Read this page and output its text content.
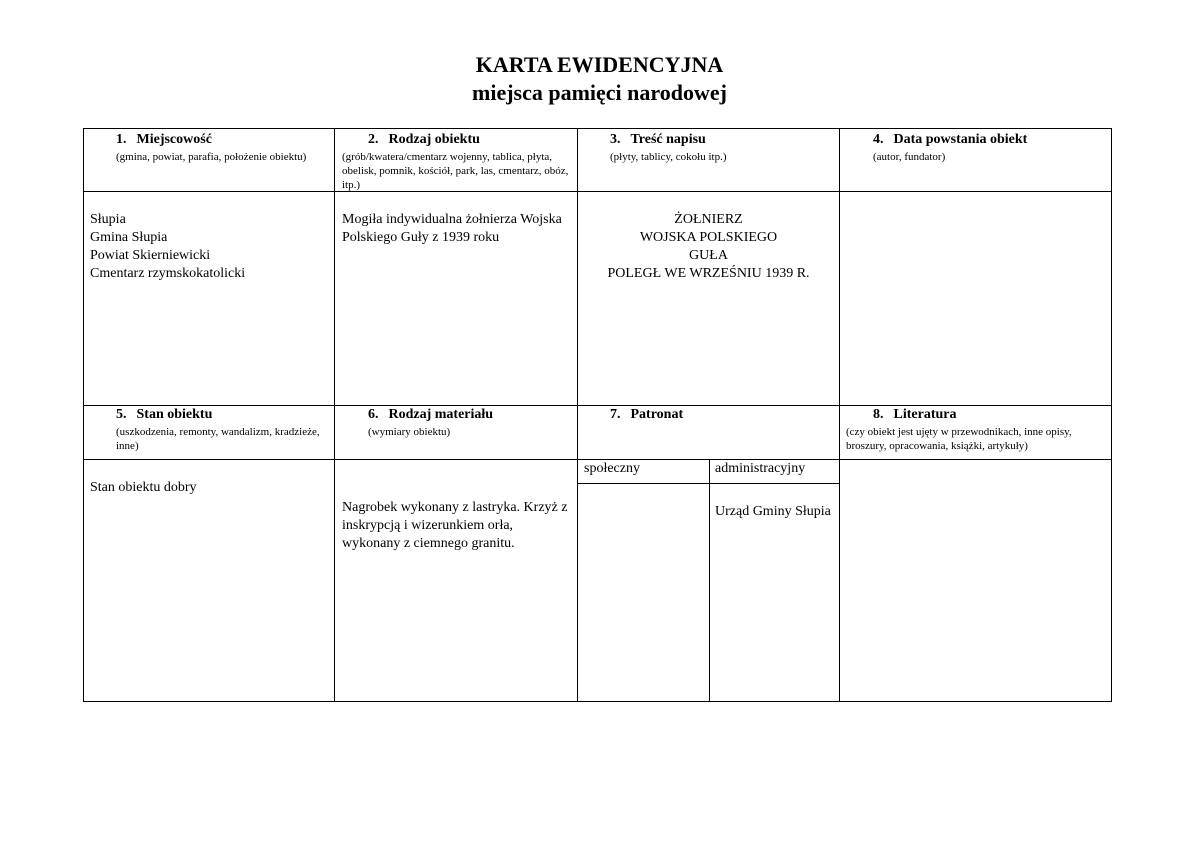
KARTA EWIDENCYJNA
miejsca pamięci narodowej
1. Miejscowość
(gmina, powiat, parafia, położenie obiektu)
2. Rodzaj obiektu
(grób/kwatera/cmentarz wojenny, tablica, płyta, obelisk, pomnik, kościół, park, las, cmentarz, obóz, itp.)
3. Treść napisu
(płyty, tablicy, cokołu itp.)
4. Data powstania obiekt
(autor, fundator)
Słupia
Gmina Słupia
Powiat Skierniewicki
Cmentarz rzymskokatolicki
Mogiła indywidualna żołnierza Wojska Polskiego Guły z 1939 roku
ŻOŁNIERZ
WOJSKA POLSKIEGO
GUŁA
POLEGŁ WE WRZEŚNIU 1939 R.
5. Stan obiektu
(uszkodzenia, remonty, wandalizm, kradzieże, inne)
6. Rodzaj materiału
(wymiary obiektu)
7. Patronat	8. Literatura
(czy obiekt jest ujęty w przewodnikach, inne opisy, broszury, opracowania, książki, artykuły)
Stan obiektu dobry
Nagrobek wykonany z lastryka. Krzyż z inskrypcją i wizerunkiem orła, wykonany z ciemnego granitu.
społeczny	administracyjny
Urząd Gminy Słupia
